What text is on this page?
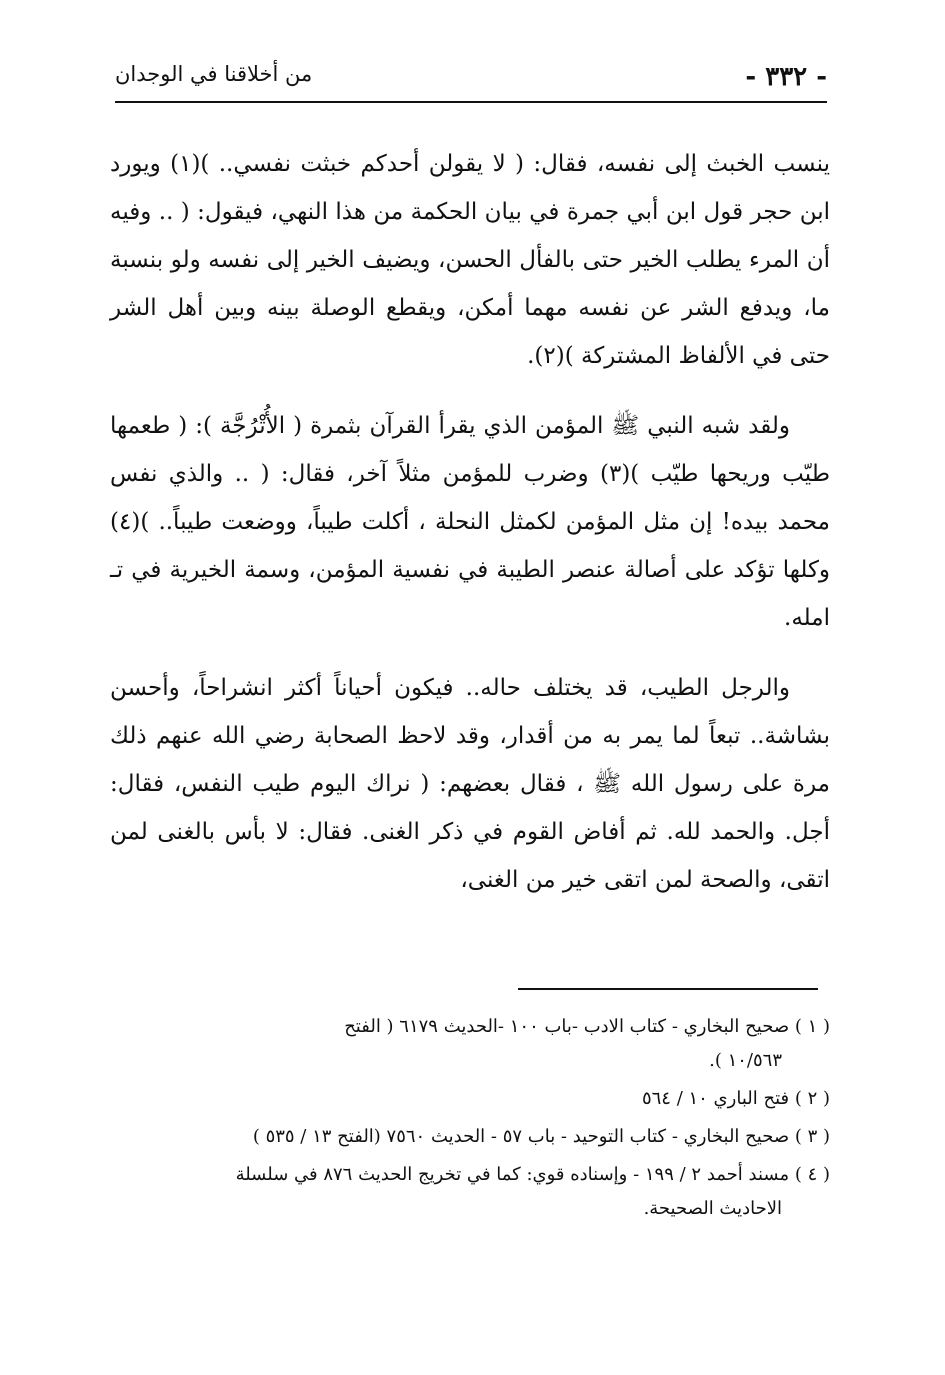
- ٣٣٢ -
من أخلاقنا في الوجدان

ينسب الخبث إلى نفسه، فقال: ( لا يقولن أحدكم خبثت نفسي.. )(١) ويورد ابن حجر قول ابن أبي جمرة في بيان الحكمة من هذا النهي، فيقول: ( .. وفيه أن المرء يطلب الخير حتى بالفأل الحسن، ويضيف الخير إلى نفسه ولو بنسبة ما، ويدفع الشر عن نفسه مهما أمكن، ويقطع الوصلة بينه وبين أهل الشر حتى في الألفاظ المشتركة )(٢).

ولقد شبه النبي ﷺ المؤمن الذي يقرأ القرآن بثمرة ( الأُتْرُجَّة ): ( طعمها طيّب وريحها طيّب )(٣) وضرب للمؤمن مثلاً آخر، فقال: ( .. والذي نفس محمد بيده! إن مثل المؤمن لكمثل النحلة ، أكلت طيباً، ووضعت طيباً.. )(٤) وكلها تؤكد على أصالة عنصر الطيبة في نفسية المؤمن، وسمة الخيرية في تـ امله.

والرجل الطيب، قد يختلف حاله.. فيكون أحياناً أكثر انشراحاً، وأحسن بشاشة.. تبعاً لما يمر به من أقدار، وقد لاحظ الصحابة رضي الله عنهم ذلك مرة على رسول الله ﷺ ، فقال بعضهم: ( نراك اليوم طيب النفس، فقال: أجل. والحمد لله. ثم أفاض القوم في ذكر الغنى. فقال: لا بأس بالغنى لمن اتقى، والصحة لمن اتقى خير من الغنى،

( ١ ) صحيح البخاري - كتاب الادب -باب ١٠٠ -الحديث ٦١٧٩ ( الفتح
١٠/٥٦٣ ).
( ٢ ) فتح الباري ١٠ / ٥٦٤
( ٣ ) صحيح البخاري - كتاب التوحيد - باب ٥٧ - الحديث ٧٥٦٠ (الفتح ١٣ / ٥٣٥ )
( ٤ ) مسند أحمد ٢ / ١٩٩ - وإسناده قوي: كما في تخريج الحديث ٨٧٦ في سلسلة
الاحاديث الصحيحة.
